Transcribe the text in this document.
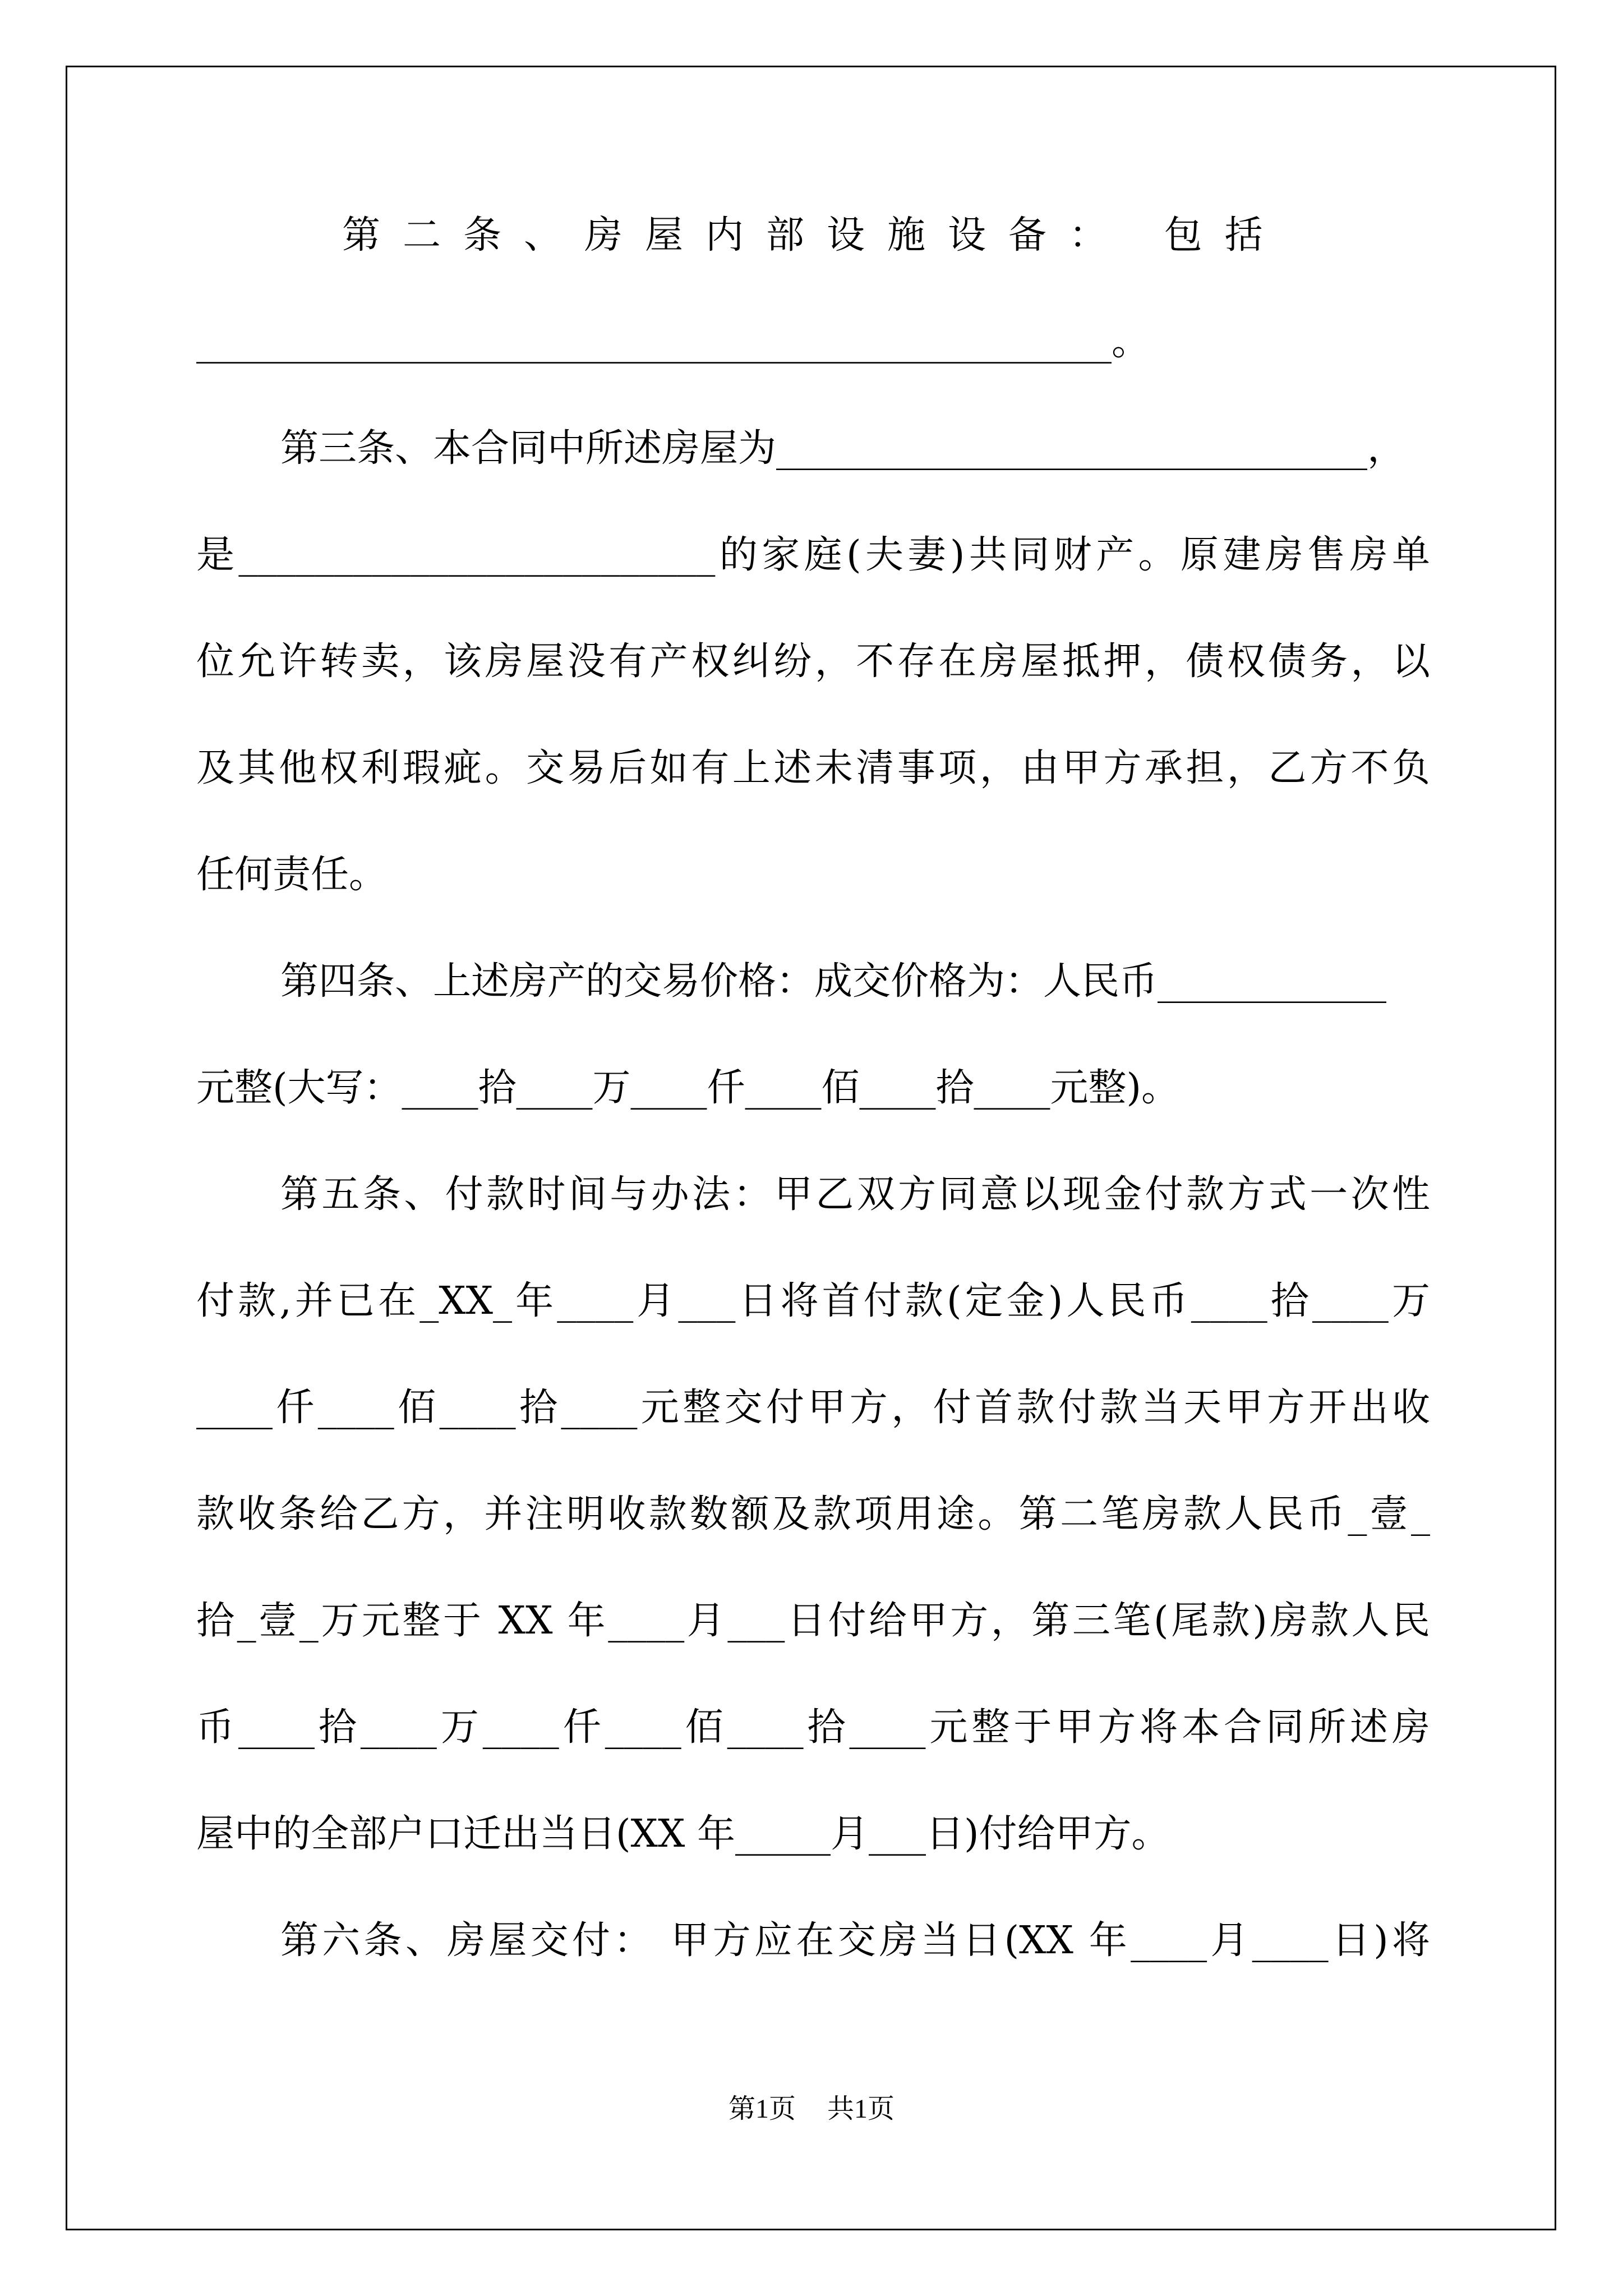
第二条、房屋内部设施设备： 包括
________________________________________________。
第三条、本合同中所述房屋为_______________________________，
是_________________________的家庭(夫妻)共同财产。原建房售房单
位允许转卖，该房屋没有产权纠纷，不存在房屋抵押，债权债务，以
及其他权利瑕疵。交易后如有上述未清事项，由甲方承担，乙方不负
任何责任。
第四条、上述房产的交易价格：成交价格为：人民币____________
元整(大写：____拾____万____仟____佰____拾____元整)。
第五条、付款时间与办法：甲乙双方同意以现金付款方式一次性
付款,并已在_XX_年____月___日将首付款(定金)人民币____拾____万
____仟____佰____拾____元整交付甲方，付首款付款当天甲方开出收
款收条给乙方，并注明收款数额及款项用途。第二笔房款人民币_壹_
拾_壹_万元整于 XX 年____月___日付给甲方，第三笔(尾款)房款人民
币____拾____万____仟____佰____拾____元整于甲方将本合同所述房
屋中的全部户口迁出当日(XX 年_____月___日)付给甲方。
第六条、房屋交付： 甲方应在交房当日(XX 年____月____日)将
第1页 共1页
